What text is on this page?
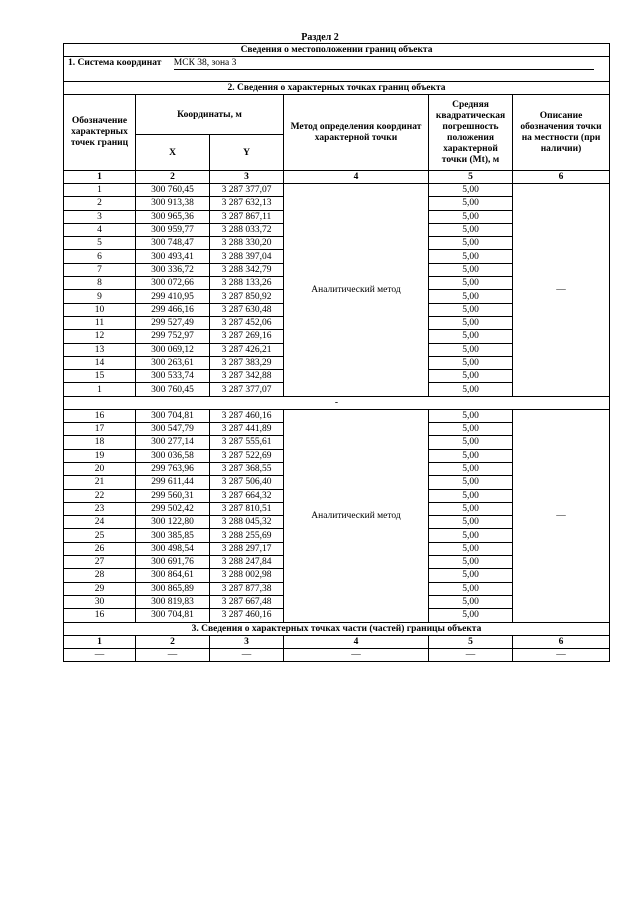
Раздел 2
Сведения о местоположении границ объекта					
1. Система координат МСК 38, зона 3					
2. Сведения о характерных точках границ объекта					
Обозначение характерных точек границ	Координаты, м		Метод определения координат характерной точки	Средняя квадратическая погрешность положения характерной точки (Мt), м	Описание обозначения точки на местности (при наличии)
	X	Y			
1	2	3	4	5	6
1	300 760,45	3 287 377,07	Аналитический метод	5,00	—
2	300 913,38	3 287 632,13		5,00	
3	300 965,36	3 287 867,11		5,00	
4	300 959,77	3 288 033,72		5,00	
5	300 748,47	3 288 330,20		5,00	
6	300 493,41	3 288 397,04		5,00	
7	300 336,72	3 288 342,79		5,00	
8	300 072,66	3 288 133,26		5,00	
9	299 410,95	3 287 850,92		5,00	
10	299 466,16	3 287 630,48		5,00	
11	299 527,49	3 287 452,06		5,00	
12	299 752,97	3 287 269,16		5,00	
13	300 069,12	3 287 426,21		5,00	
14	300 263,61	3 287 383,29		5,00	
15	300 533,74	3 287 342,88		5,00	
1	300 760,45	3 287 377,07		5,00	
-					
16	300 704,81	3 287 460,16	Аналитический метод	5,00	—
17	300 547,79	3 287 441,89		5,00	
18	300 277,14	3 287 555,61		5,00	
19	300 036,58	3 287 522,69		5,00	
20	299 763,96	3 287 368,55		5,00	
21	299 611,44	3 287 506,40		5,00	
22	299 560,31	3 287 664,32		5,00	
23	299 502,42	3 287 810,51		5,00	
24	300 122,80	3 288 045,32		5,00	
25	300 385,85	3 288 255,69		5,00	
26	300 498,54	3 288 297,17		5,00	
27	300 691,76	3 288 247,84		5,00	
28	300 864,61	3 288 002,98		5,00	
29	300 865,89	3 287 877,38		5,00	
30	300 819,83	3 287 667,48		5,00	
16	300 704,81	3 287 460,16		5,00	
3. Сведения о характерных точках части (частей) границы объекта					
1	2	3	4	5	6
—	—	—	—	—	—
